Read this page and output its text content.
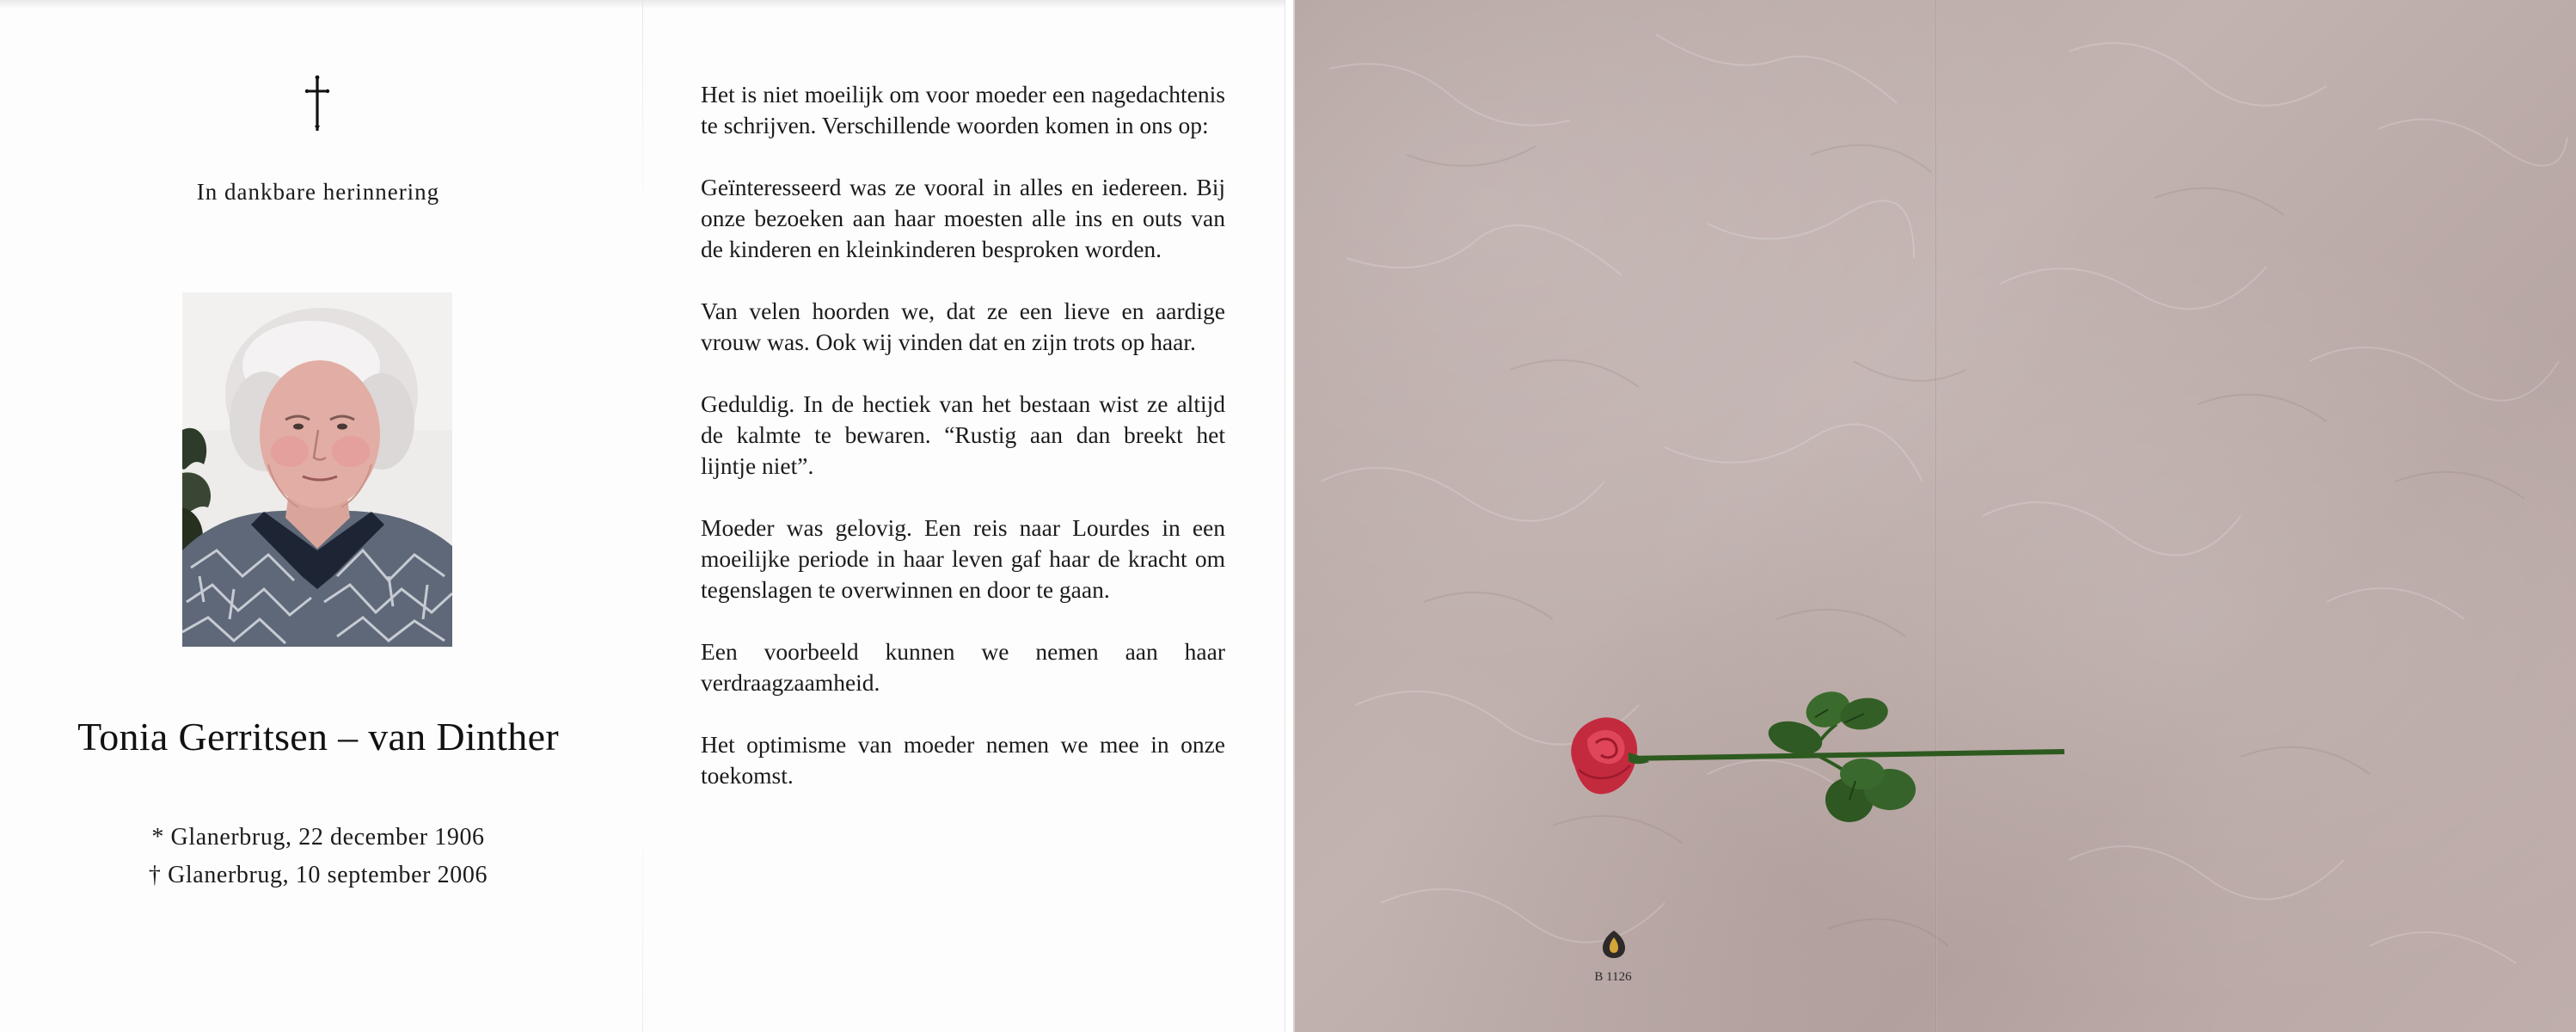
In dankbare herinnering
Tonia Gerritsen – van Dinther
* Glanerbrug, 22 december 1906
† Glanerbrug, 10 september 2006

Het is niet moeilijk om voor moeder een nagedachtenis te schrijven. Verschillende woorden komen in ons op:

Geïnteresseerd was ze vooral in alles en iedereen. Bij onze bezoeken aan haar moesten alle ins en outs van de kinderen en kleinkinderen besproken worden.

Van velen hoorden we, dat ze een lieve en aardige vrouw was. Ook wij vinden dat en zijn trots op haar.

Geduldig. In de hectiek van het bestaan wist ze altijd de kalmte te bewaren. “Rustig aan dan breekt het lijntje niet”.

Moeder was gelovig. Een reis naar Lourdes in een moeilijke periode in haar leven gaf haar de kracht om tegenslagen te overwinnen en door te gaan.

Een voorbeeld kunnen we nemen aan haar verdraagzaamheid.

Het optimisme van moeder nemen we mee in onze toekomst.

B 1126
